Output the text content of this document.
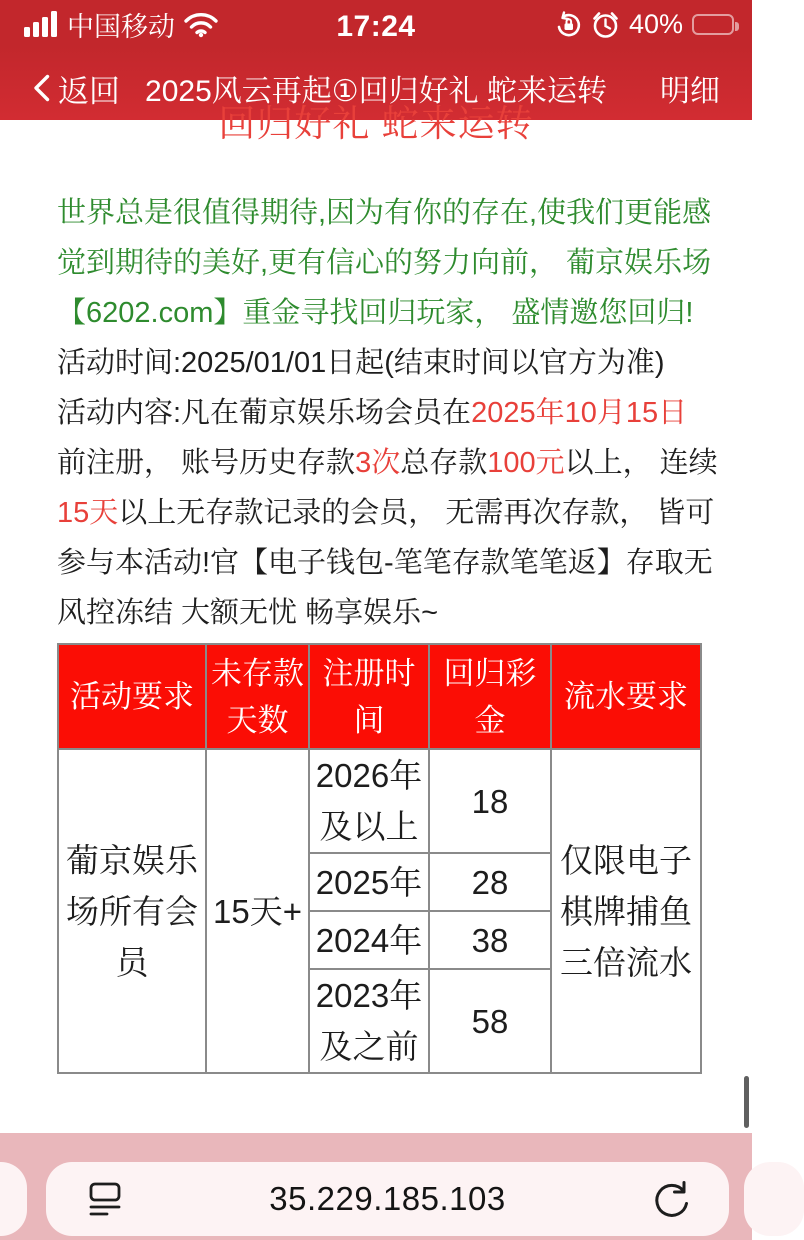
中国移动	17:24	40%
返回 2025风云再起①回归好礼 蛇来运转	明细
回归好礼 蛇来运转
世界总是很值得期待,因为有你的存在,使我们更能感
觉到期待的美好,更有信心的努力向前， 葡京娱乐场
【6202.com】重金寻找回归玩家， 盛情邀您回归!
活动时间:2025/01/01日起(结束时间以官方为准)
活动内容:凡在葡京娱乐场会员在2025年10月15日
前注册， 账号历史存款3次总存款100元以上， 连续
15天以上无存款记录的会员， 无需再次存款， 皆可
参与本活动!官【电子钱包-笔笔存款笔笔返】存取无
风控冻结 大额无忧 畅享娱乐~
活动要求	未存款天数	注册时间	回归彩金	流水要求
葡京娱乐场所有会员	15天+	2026年及以上	18	仅限电子棋牌捕鱼三倍流水
		2025年	28	
		2024年	38	
		2023年及之前	58	
35.229.185.103
